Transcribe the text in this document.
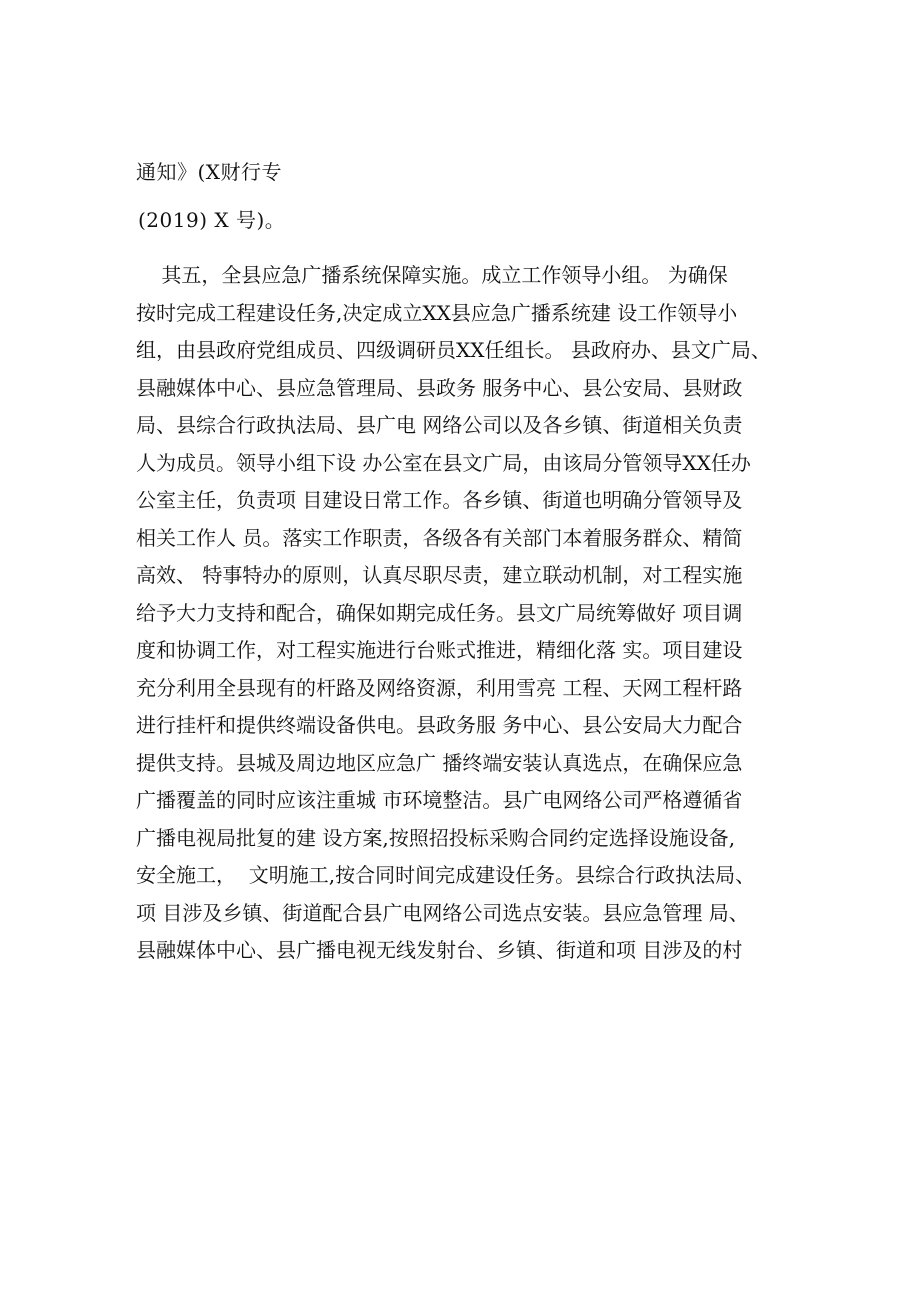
通知》(X财行专
(2019) X 号)。
其五，全县应急广播系统保障实施。成立工作领导小组。 为确保
按时完成工程建设任务,决定成立XX县应急广播系统建 设工作领导小
组，由县政府党组成员、四级调研员XX任组长。 县政府办、县文广局、
县融媒体中心、县应急管理局、县政务 服务中心、县公安局、县财政
局、县综合行政执法局、县广电 网络公司以及各乡镇、街道相关负责
人为成员。领导小组下设 办公室在县文广局，由该局分管领导XX任办
公室主任，负责项 目建设日常工作。各乡镇、街道也明确分管领导及
相关工作人 员。落实工作职责，各级各有关部门本着服务群众、精简
高效、 特事特办的原则，认真尽职尽责，建立联动机制，对工程实施
给予大力支持和配合，确保如期完成任务。县文广局统筹做好 项目调
度和协调工作，对工程实施进行台账式推进，精细化落 实。项目建设
充分利用全县现有的杆路及网络资源，利用雪亮 工程、天网工程杆路
进行挂杆和提供终端设备供电。县政务服 务中心、县公安局大力配合
提供支持。县城及周边地区应急广 播终端安装认真选点，在确保应急
广播覆盖的同时应该注重城 市环境整洁。县广电网络公司严格遵循省
广播电视局批复的建 设方案,按照招投标采购合同约定选择设施设备,
安全施工，  文明施工,按合同时间完成建设任务。县综合行政执法局、
项 目涉及乡镇、街道配合县广电网络公司选点安装。县应急管理 局、
县融媒体中心、县广播电视无线发射台、乡镇、街道和项 目涉及的村
